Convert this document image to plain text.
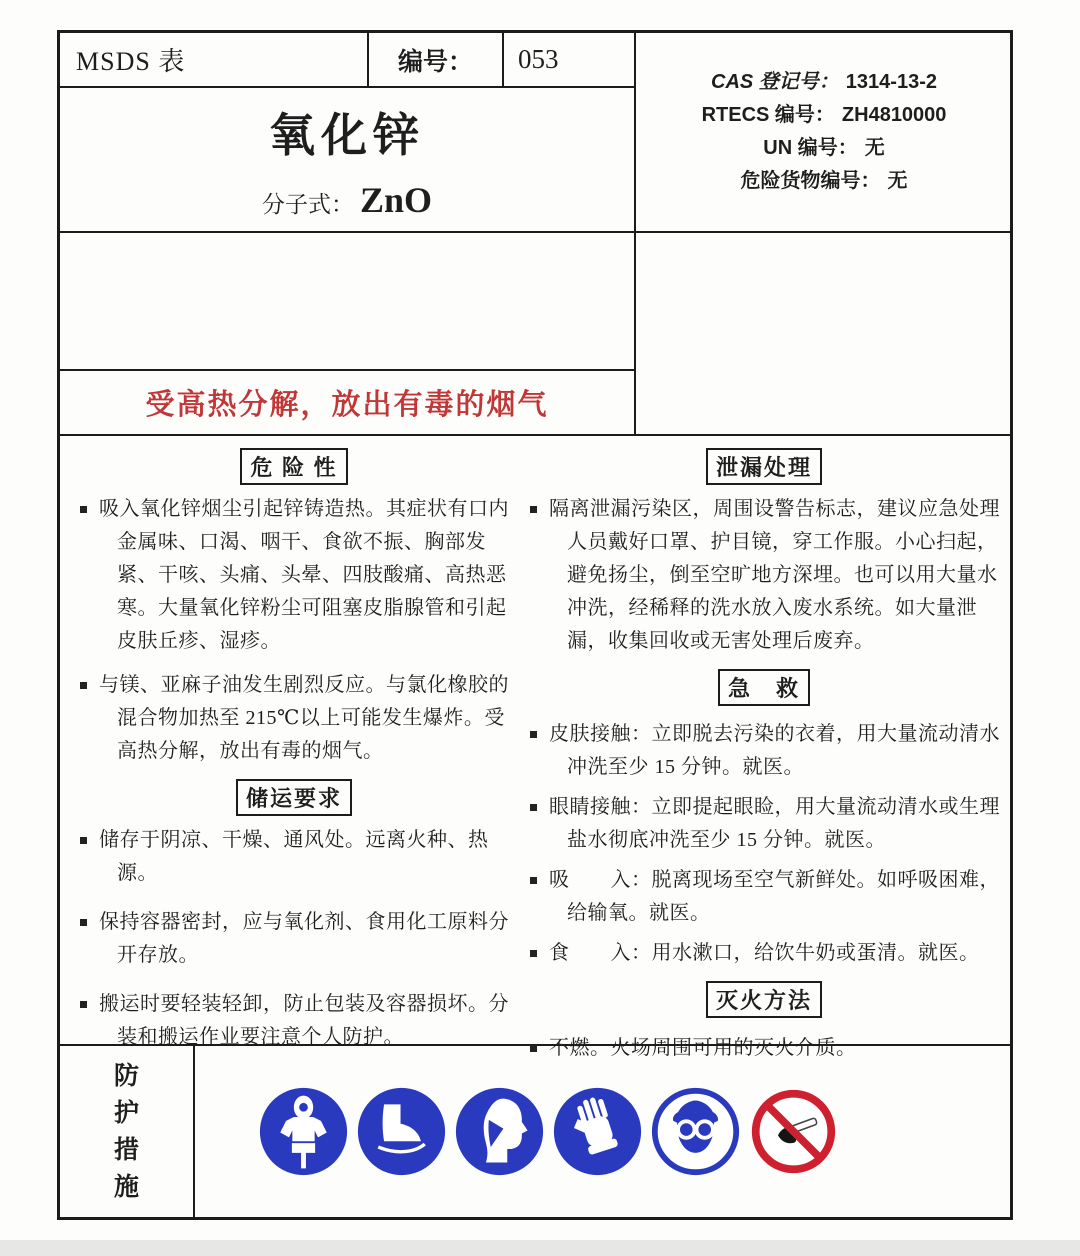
MSDS 表	编号： 053
氧化锌
分子式： ZnO
CAS 登记号： 1314-13-2
RTECS 编号： ZH4810000
UN 编号： 无
危险货物编号： 无
受高热分解，放出有毒的烟气
危 险 性

吸入氧化锌烟尘引起锌铸造热。其症状有口内金属味、口渴、咽干、食欲不振、胸部发紧、干咳、头痛、头晕、四肢酸痛、高热恶寒。大量氧化锌粉尘可阻塞皮脂腺管和引起皮肤丘疹、湿疹。

与镁、亚麻子油发生剧烈反应。与氯化橡胶的混合物加热至 215℃以上可能发生爆炸。受高热分解，放出有毒的烟气。

储运要求

储存于阴凉、干燥、通风处。远离火种、热源。

保持容器密封，应与氧化剂、食用化工原料分开存放。

搬运时要轻装轻卸，防止包装及容器损坏。分装和搬运作业要注意个人防护。

泄漏处理

隔离泄漏污染区，周围设警告标志，建议应急处理人员戴好口罩、护目镜，穿工作服。小心扫起，避免扬尘，倒至空旷地方深埋。也可以用大量水冲洗，经稀释的洗水放入废水系统。如大量泄漏，收集回收或无害处理后废弃。

急　救

皮肤接触：立即脱去污染的衣着，用大量流动清水冲洗至少 15 分钟。就医。

眼睛接触：立即提起眼睑，用大量流动清水或生理盐水彻底冲洗至少 15 分钟。就医。

吸　　入：脱离现场至空气新鲜处。如呼吸困难，给输氧。就医。

食　　入：用水漱口，给饮牛奶或蛋清。就医。

灭火方法

不燃。火场周围可用的灭火介质。

防
护
措
施
